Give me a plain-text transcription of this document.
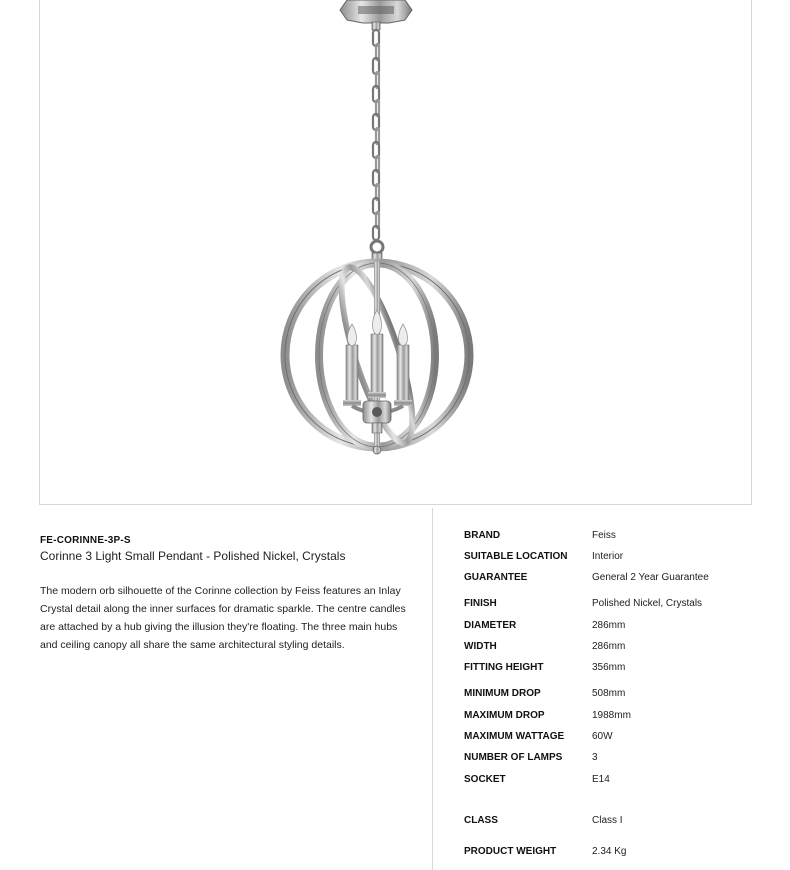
FE-CORINNE-3P-S
Corinne 3 Light Small Pendant - Polished Nickel, Crystals
The modern orb silhouette of the Corinne collection by Feiss features an Inlay Crystal detail along the inner surfaces for dramatic sparkle. The centre candles are attached by a hub giving the illusion they're floating. The three main hubs and ceiling canopy all share the same architectural styling details.
BRAND	Feiss
SUITABLE LOCATION Interior
GUARANTEE	General 2 Year Guarantee
FINISH	Polished Nickel, Crystals
DIAMETER	286mm
WIDTH	286mm
FITTING HEIGHT	356mm
MINIMUM DROP	508mm
MAXIMUM DROP	1988mm
MAXIMUM WATTAGE	60W
NUMBER OF LAMPS	3
SOCKET	E14
CLASS	Class I
PRODUCT WEIGHT	2.34 Kg
